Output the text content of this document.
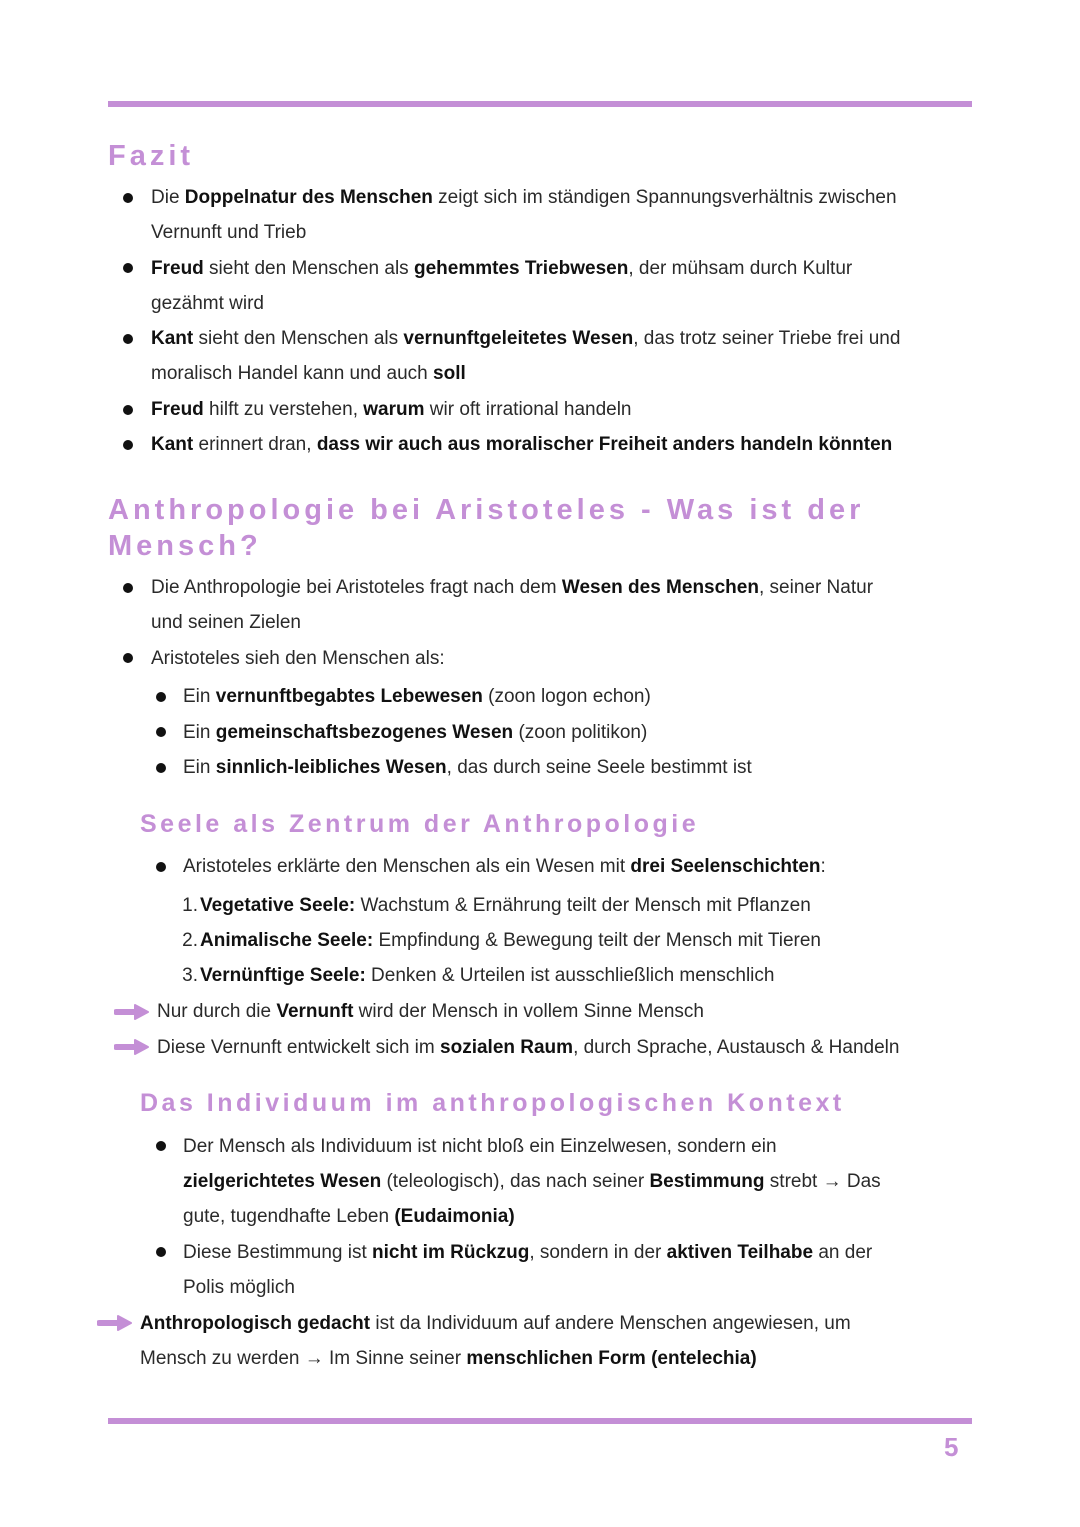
Fazit

Die Doppelnatur des Menschen zeigt sich im ständigen Spannungsverhältnis zwischen
Vernunft und Trieb

Freud sieht den Menschen als gehemmtes Triebwesen, der mühsam durch Kultur
gezähmt wird

Kant sieht den Menschen als vernunftgeleitetes Wesen, das trotz seiner Triebe frei und
moralisch Handel kann und auch soll

Freud hilft zu verstehen, warum wir oft irrational handeln

Kant erinnert dran, dass wir auch aus moralischer Freiheit anders handeln könnten

Anthropologie bei Aristoteles - Was ist der
Mensch?

Die Anthropologie bei Aristoteles fragt nach dem Wesen des Menschen, seiner Natur
und seinen Zielen

Aristoteles sieh den Menschen als:

Ein vernunftbegabtes Lebewesen (zoon logon echon)

Ein gemeinschaftsbezogenes Wesen (zoon politikon)

Ein sinnlich-leibliches Wesen, das durch seine Seele bestimmt ist

Seele als Zentrum der Anthropologie

Aristoteles erklärte den Menschen als ein Wesen mit drei Seelenschichten:

1. Vegetative Seele: Wachstum & Ernährung teilt der Mensch mit Pflanzen

2. Animalische Seele: Empfindung & Bewegung teilt der Mensch mit Tieren

3. Vernünftige Seele: Denken & Urteilen ist ausschließlich menschlich

Nur durch die Vernunft wird der Mensch in vollem Sinne Mensch

Diese Vernunft entwickelt sich im sozialen Raum, durch Sprache, Austausch & Handeln

Das Individuum im anthropologischen Kontext

Der Mensch als Individuum ist nicht bloß ein Einzelwesen, sondern ein
zielgerichtetes Wesen (teleologisch), das nach seiner Bestimmung strebt → Das
gute, tugendhafte Leben (Eudaimonia)

Diese Bestimmung ist nicht im Rückzug, sondern in der aktiven Teilhabe an der
Polis möglich

Anthropologisch gedacht ist da Individuum auf andere Menschen angewiesen, um
Mensch zu werden → Im Sinne seiner menschlichen Form (entelechia)

5
